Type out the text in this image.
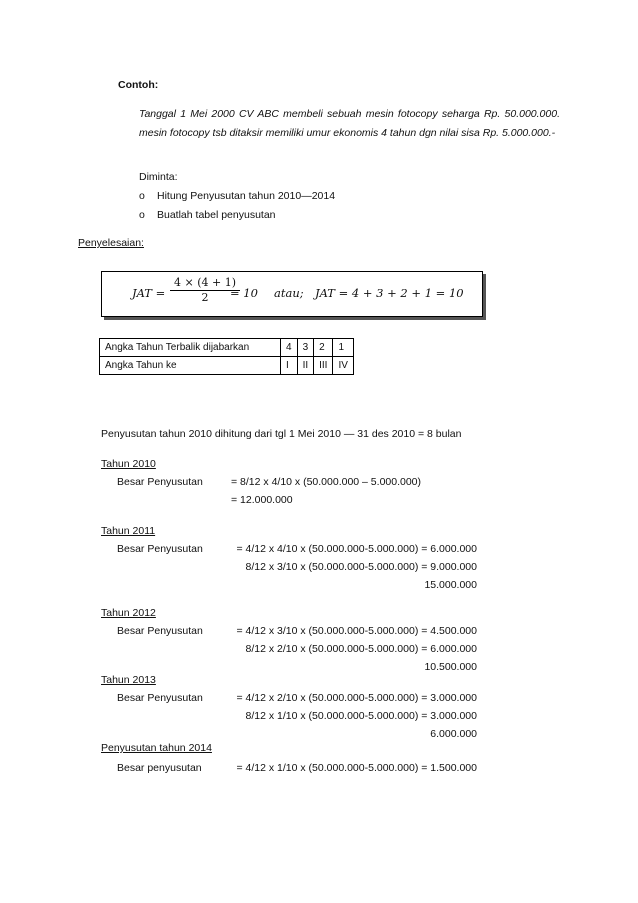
Contoh:
Tanggal 1 Mei 2000 CV ABC membeli sebuah mesin fotocopy seharga Rp. 50.000.000. mesin fotocopy tsb ditaksir memiliki umur ekonomis 4 tahun dgn nilai sisa Rp. 5.000.000.-
Diminta:
o Hitung Penyusutan tahun 2010—2014
o Buatlah tabel penyusutan
Penyelesaian:
JAT = $\frac{4 \times (4 + 1)}{2}$
= 10 atau; JAT = 4 + 3 + 2 + 1 = 10
Angka Tahun Terbalik dijabarkan	4	3	2	1
Angka Tahun ke	I	II	III	IV
Penyusutan tahun 2010 dihitung dari tgl 1 Mei 2010 — 31 des 2010 = 8 bulan
Tahun 2010
Besar Penyusutan	= 8/12 x 4/10 x (50.000.000 – 5.000.000)
= 12.000.000
Tahun 2011
Besar Penyusutan	= 4/12 x 4/10 x (50.000.000-5.000.000) = 6.000.000
8/12 x 3/10 x (50.000.000-5.000.000) = 9.000.000
15.000.000
Tahun 2012
Besar Penyusutan	= 4/12 x 3/10 x (50.000.000-5.000.000) = 4.500.000
8/12 x 2/10 x (50.000.000-5.000.000) = 6.000.000
10.500.000
Tahun 2013
Besar Penyusutan	= 4/12 x 2/10 x (50.000.000-5.000.000) = 3.000.000
8/12 x 1/10 x (50.000.000-5.000.000) = 3.000.000
6.000.000
Penyusutan tahun 2014
Besar penyusutan	= 4/12 x 1/10 x (50.000.000-5.000.000) = 1.500.000
